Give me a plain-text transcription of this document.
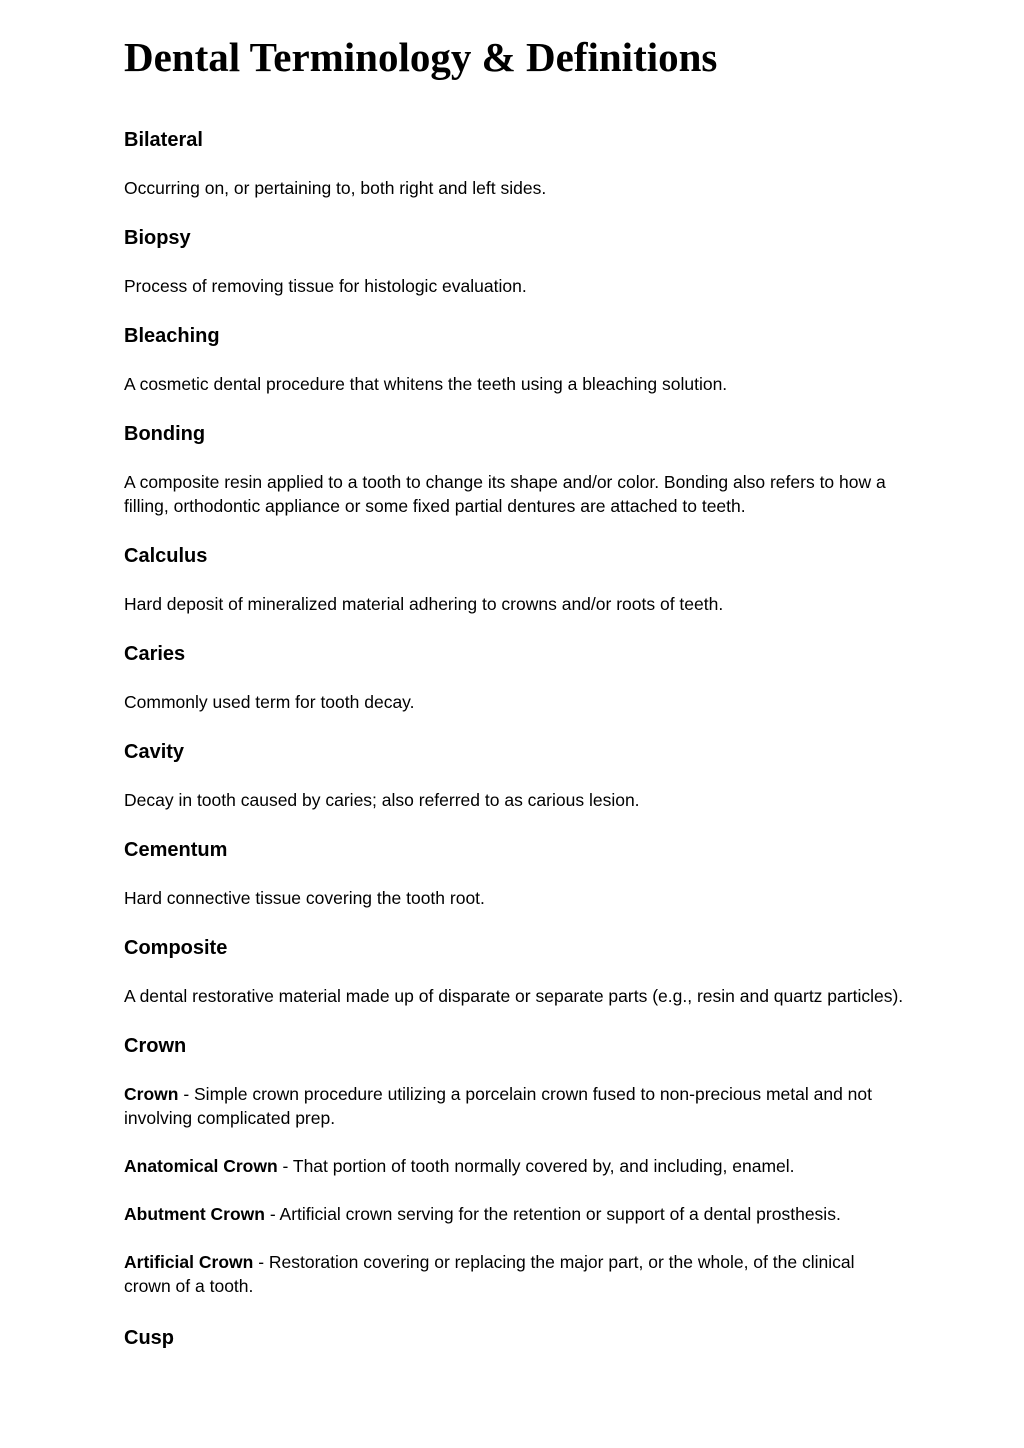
Dental Terminology & Definitions
Bilateral

Occurring on, or pertaining to, both right and left sides.

Biopsy

Process of removing tissue for histologic evaluation.

Bleaching

A cosmetic dental procedure that whitens the teeth using a bleaching solution.

Bonding

A composite resin applied to a tooth to change its shape and/or color. Bonding also refers to how a filling, orthodontic appliance or some fixed partial dentures are attached to teeth.

Calculus

Hard deposit of mineralized material adhering to crowns and/or roots of teeth.

Caries

Commonly used term for tooth decay.

Cavity

Decay in tooth caused by caries; also referred to as carious lesion.

Cementum

Hard connective tissue covering the tooth root.

Composite

A dental restorative material made up of disparate or separate parts (e.g., resin and quartz particles).

Crown

Crown - Simple crown procedure utilizing a porcelain crown fused to non-precious metal and not involving complicated prep.

Anatomical Crown - That portion of tooth normally covered by, and including, enamel.

Abutment Crown - Artificial crown serving for the retention or support of a dental prosthesis.

Artificial Crown - Restoration covering or replacing the major part, or the whole, of the clinical crown of a tooth.

Cusp
